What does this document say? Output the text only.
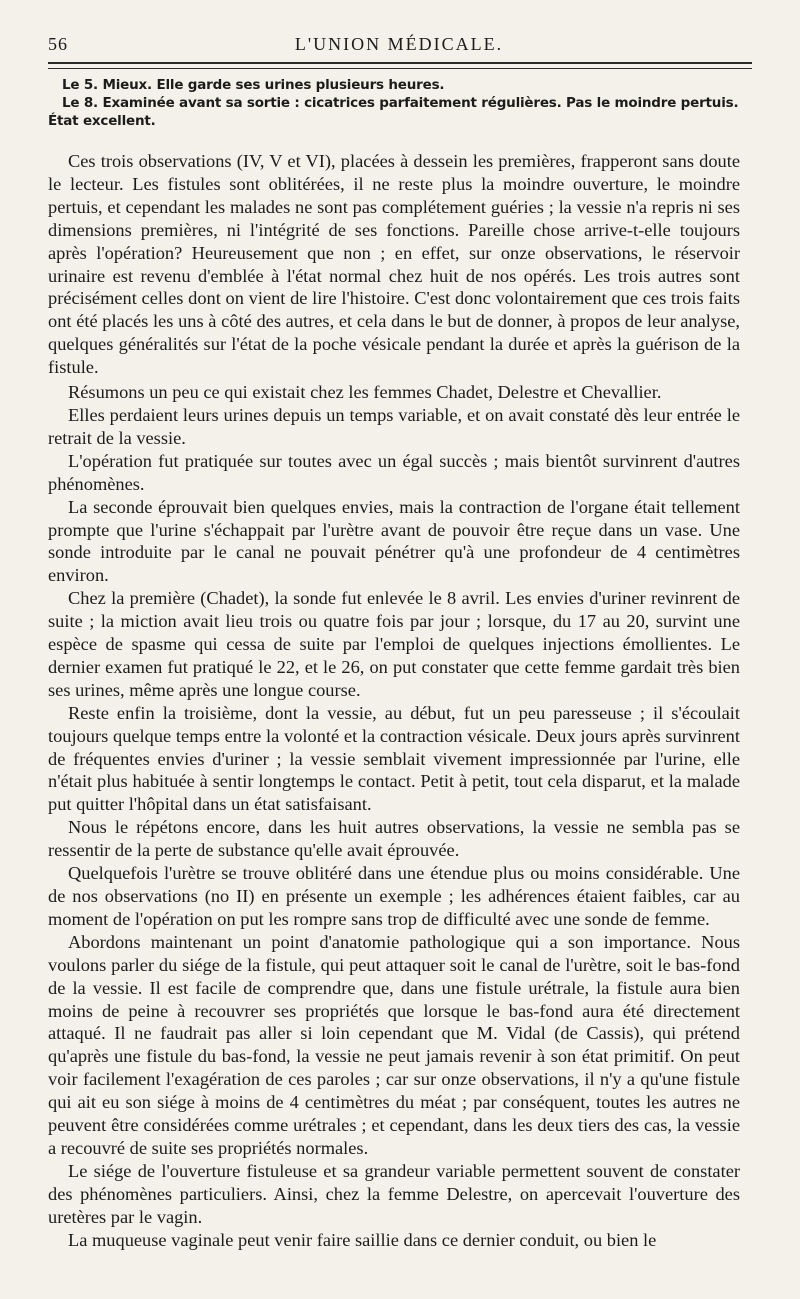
56	L'UNION MÉDICALE.

Le 5. Mieux. Elle garde ses urines plusieurs heures.

Le 8. Examinée avant sa sortie : cicatrices parfaitement régulières. Pas le moindre pertuis.

État excellent.

Ces trois observations (IV, V et VI), placées à dessein les premières, frapperont sans doute le lecteur. Les fistules sont oblitérées, il ne reste plus la moindre ouverture, le moindre pertuis, et cependant les malades ne sont pas complétement guéries ; la vessie n'a repris ni ses dimensions premières, ni l'intégrité de ses fonctions. Pareille chose arrive-t-elle toujours après l'opération? Heureusement que non ; en effet, sur onze observations, le réservoir urinaire est revenu d'emblée à l'état normal chez huit de nos opérés. Les trois autres sont précisément celles dont on vient de lire l'histoire. C'est donc volontairement que ces trois faits ont été placés les uns à côté des autres, et cela dans le but de donner, à propos de leur analyse, quelques généralités sur l'état de la poche vésicale pendant la durée et après la guérison de la fistule.

Résumons un peu ce qui existait chez les femmes Chadet, Delestre et Chevallier.

Elles perdaient leurs urines depuis un temps variable, et on avait constaté dès leur entrée le retrait de la vessie.

L'opération fut pratiquée sur toutes avec un égal succès ; mais bientôt survinrent d'autres phénomènes.

La seconde éprouvait bien quelques envies, mais la contraction de l'organe était tellement prompte que l'urine s'échappait par l'urètre avant de pouvoir être reçue dans un vase. Une sonde introduite par le canal ne pouvait pénétrer qu'à une profondeur de 4 centimètres environ.

Chez la première (Chadet), la sonde fut enlevée le 8 avril. Les envies d'uriner revinrent de suite ; la miction avait lieu trois ou quatre fois par jour ; lorsque, du 17 au 20, survint une espèce de spasme qui cessa de suite par l'emploi de quelques injections émollientes. Le dernier examen fut pratiqué le 22, et le 26, on put constater que cette femme gardait très bien ses urines, même après une longue course.

Reste enfin la troisième, dont la vessie, au début, fut un peu paresseuse ; il s'écoulait toujours quelque temps entre la volonté et la contraction vésicale. Deux jours après survinrent de fréquentes envies d'uriner ; la vessie semblait vivement impressionnée par l'urine, elle n'était plus habituée à sentir longtemps le contact. Petit à petit, tout cela disparut, et la malade put quitter l'hôpital dans un état satisfaisant.

Nous le répétons encore, dans les huit autres observations, la vessie ne sembla pas se ressentir de la perte de substance qu'elle avait éprouvée.

Quelquefois l'urètre se trouve oblitéré dans une étendue plus ou moins considérable. Une de nos observations (no II) en présente un exemple ; les adhérences étaient faibles, car au moment de l'opération on put les rompre sans trop de difficulté avec une sonde de femme.

Abordons maintenant un point d'anatomie pathologique qui a son importance. Nous voulons parler du siége de la fistule, qui peut attaquer soit le canal de l'urètre, soit le bas-fond de la vessie. Il est facile de comprendre que, dans une fistule urétrale, la fistule aura bien moins de peine à recouvrer ses propriétés que lorsque le bas-fond aura été directement attaqué. Il ne faudrait pas aller si loin cependant que M. Vidal (de Cassis), qui prétend qu'après une fistule du bas-fond, la vessie ne peut jamais revenir à son état primitif. On peut voir facilement l'exagération de ces paroles ; car sur onze observations, il n'y a qu'une fistule qui ait eu son siége à moins de 4 centimètres du méat ; par conséquent, toutes les autres ne peuvent être considérées comme urétrales ; et cependant, dans les deux tiers des cas, la vessie a recouvré de suite ses propriétés normales.

Le siége de l'ouverture fistuleuse et sa grandeur variable permettent souvent de constater des phénomènes particuliers. Ainsi, chez la femme Delestre, on apercevait l'ouverture des uretères par le vagin.

La muqueuse vaginale peut venir faire saillie dans ce dernier conduit, ou bien le
